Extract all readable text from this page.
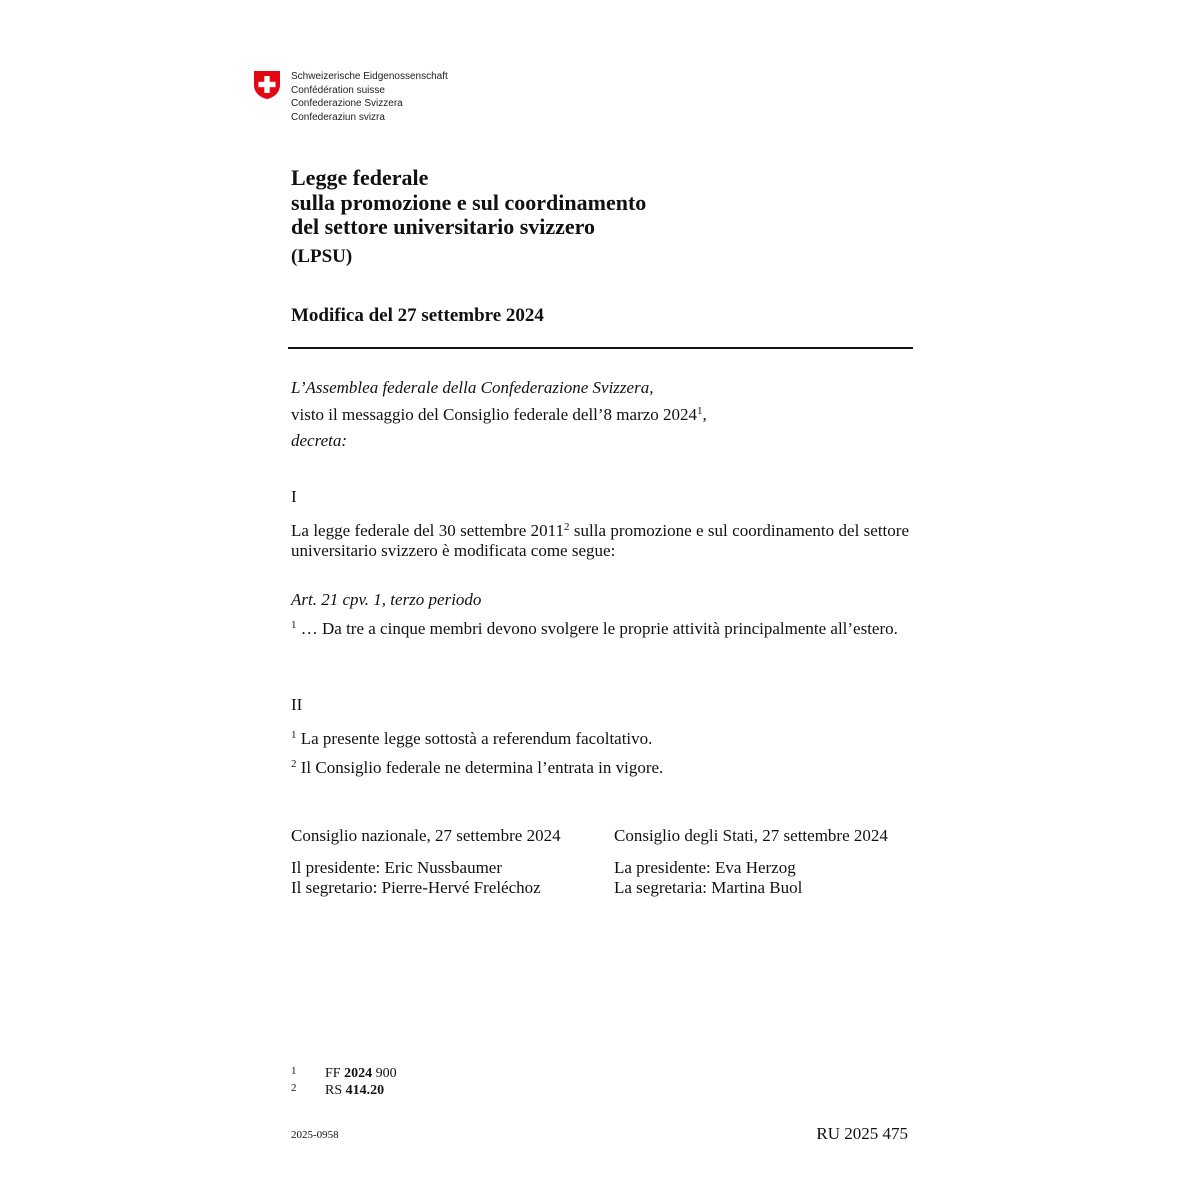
Schweizerische Eidgenossenschaft
Confédération suisse
Confederazione Svizzera
Confederaziun svizra
Legge federale
sulla promozione e sul coordinamento
del settore universitario svizzero
(LPSU)
Modifica del 27 settembre 2024
L’Assemblea federale della Confederazione Svizzera,
visto il messaggio del Consiglio federale dell’8 marzo 2024$^1$,
decreta:
I
La legge federale del 30 settembre 2011$^2$ sulla promozione e sul coordinamento del settore universitario svizzero è modificata come segue:
Art. 21 cpv. 1, terzo periodo
$^1$ … Da tre a cinque membri devono svolgere le proprie attività principalmente all’estero.
II
$^1$ La presente legge sottostà a referendum facoltativo.
$^2$ Il Consiglio federale ne determina l’entrata in vigore.
Consiglio nazionale, 27 settembre 2024
Il presidente: Eric Nussbaumer
Il segretario: Pierre-Hervé Freléchoz
Consiglio degli Stati, 27 settembre 2024
La presidente: Eva Herzog
La segretaria: Martina Buol
1 FF 2024 900
2 RS 414.20
2025-0958	RU 2025 475
